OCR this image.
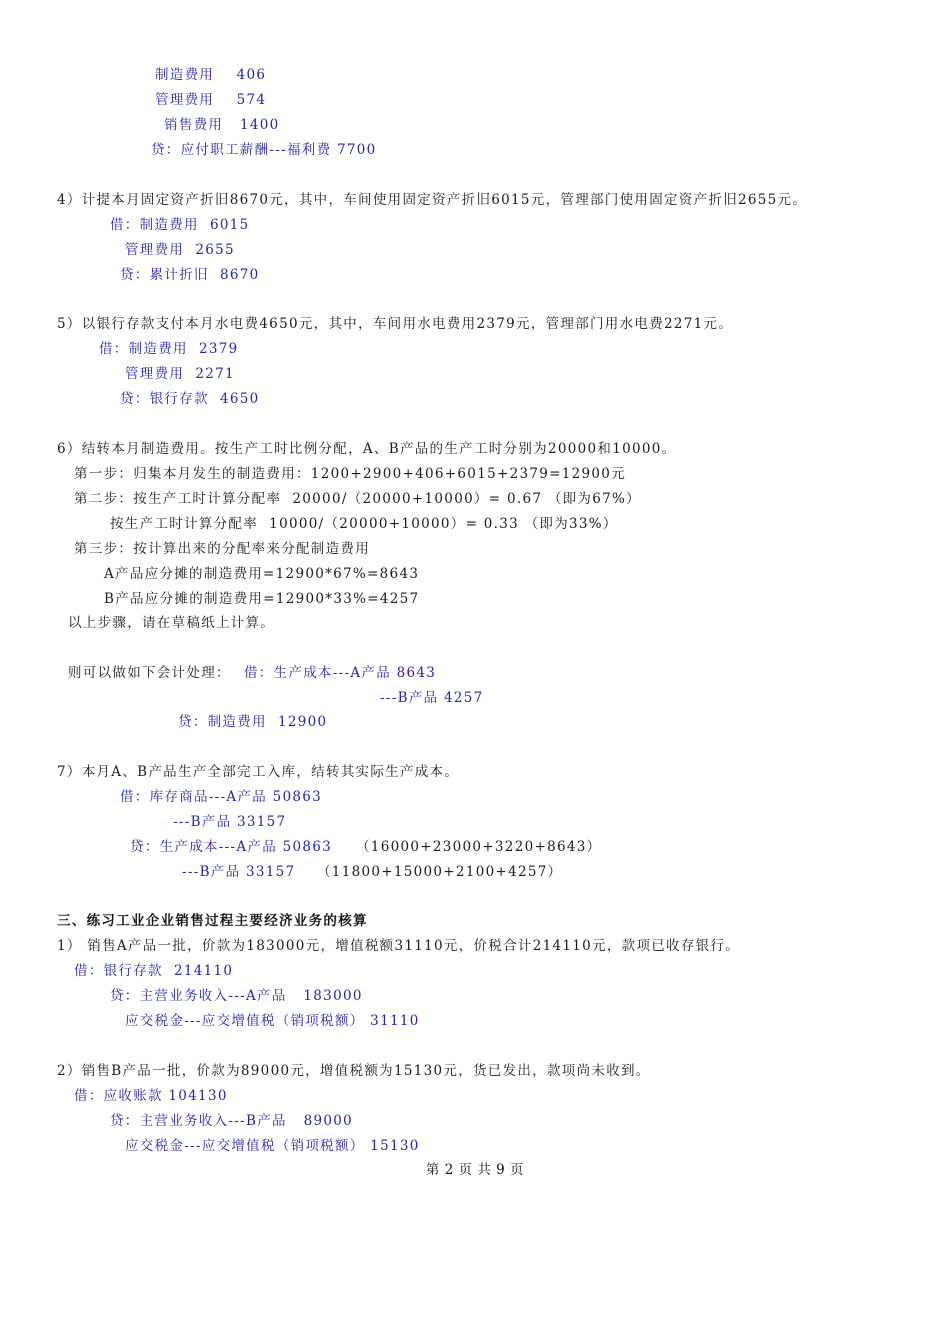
制造费用    406
管理费用    574
销售费用   1400
贷：应付职工薪酬---福利费 7700
4）计提本月固定资产折旧8670元，其中，车间使用固定资产折旧6015元，管理部门使用固定资产折旧2655元。
借：制造费用  6015
管理费用  2655
贷：累计折旧  8670
5）以银行存款支付本月水电费4650元，其中，车间用水电费用2379元，管理部门用水电费2271元。
借：制造费用  2379
管理费用  2271
贷：银行存款  4650
6）结转本月制造费用。按生产工时比例分配，A、B产品的生产工时分别为20000和10000。
第一步：归集本月发生的制造费用：1200+2900+406+6015+2379=12900元
第二步：按生产工时计算分配率  20000/（20000+10000）= 0.67 （即为67%）
按生产工时计算分配率  10000/（20000+10000）= 0.33 （即为33%）
第三步：按计算出来的分配率来分配制造费用
A产品应分摊的制造费用=12900*67%=8643
B产品应分摊的制造费用=12900*33%=4257
以上步骤，请在草稿纸上计算。
则可以做如下会计处理： 借：生产成本---A产品 8643
---B产品 4257
贷：制造费用  12900
7）本月A、B产品生产全部完工入库，结转其实际生产成本。
借：库存商品---A产品 50863
---B产品 33157
贷：生产成本---A产品 50863 （16000+23000+3220+8643）
---B产品 33157 （11800+15000+2100+4257）
三、练习工业企业销售过程主要经济业务的核算
1） 销售A产品一批，价款为183000元，增值税额31110元，价税合计214110元，款项已收存银行。
借：银行存款  214110
贷：主营业务收入---A产品   183000
应交税金---应交增值税（销项税额） 31110
2）销售B产品一批，价款为89000元，增值税额为15130元，货已发出，款项尚未收到。
借：应收账款 104130
贷：主营业务收入---B产品   89000
应交税金---应交增值税（销项税额） 15130
第 2 页 共 9 页
